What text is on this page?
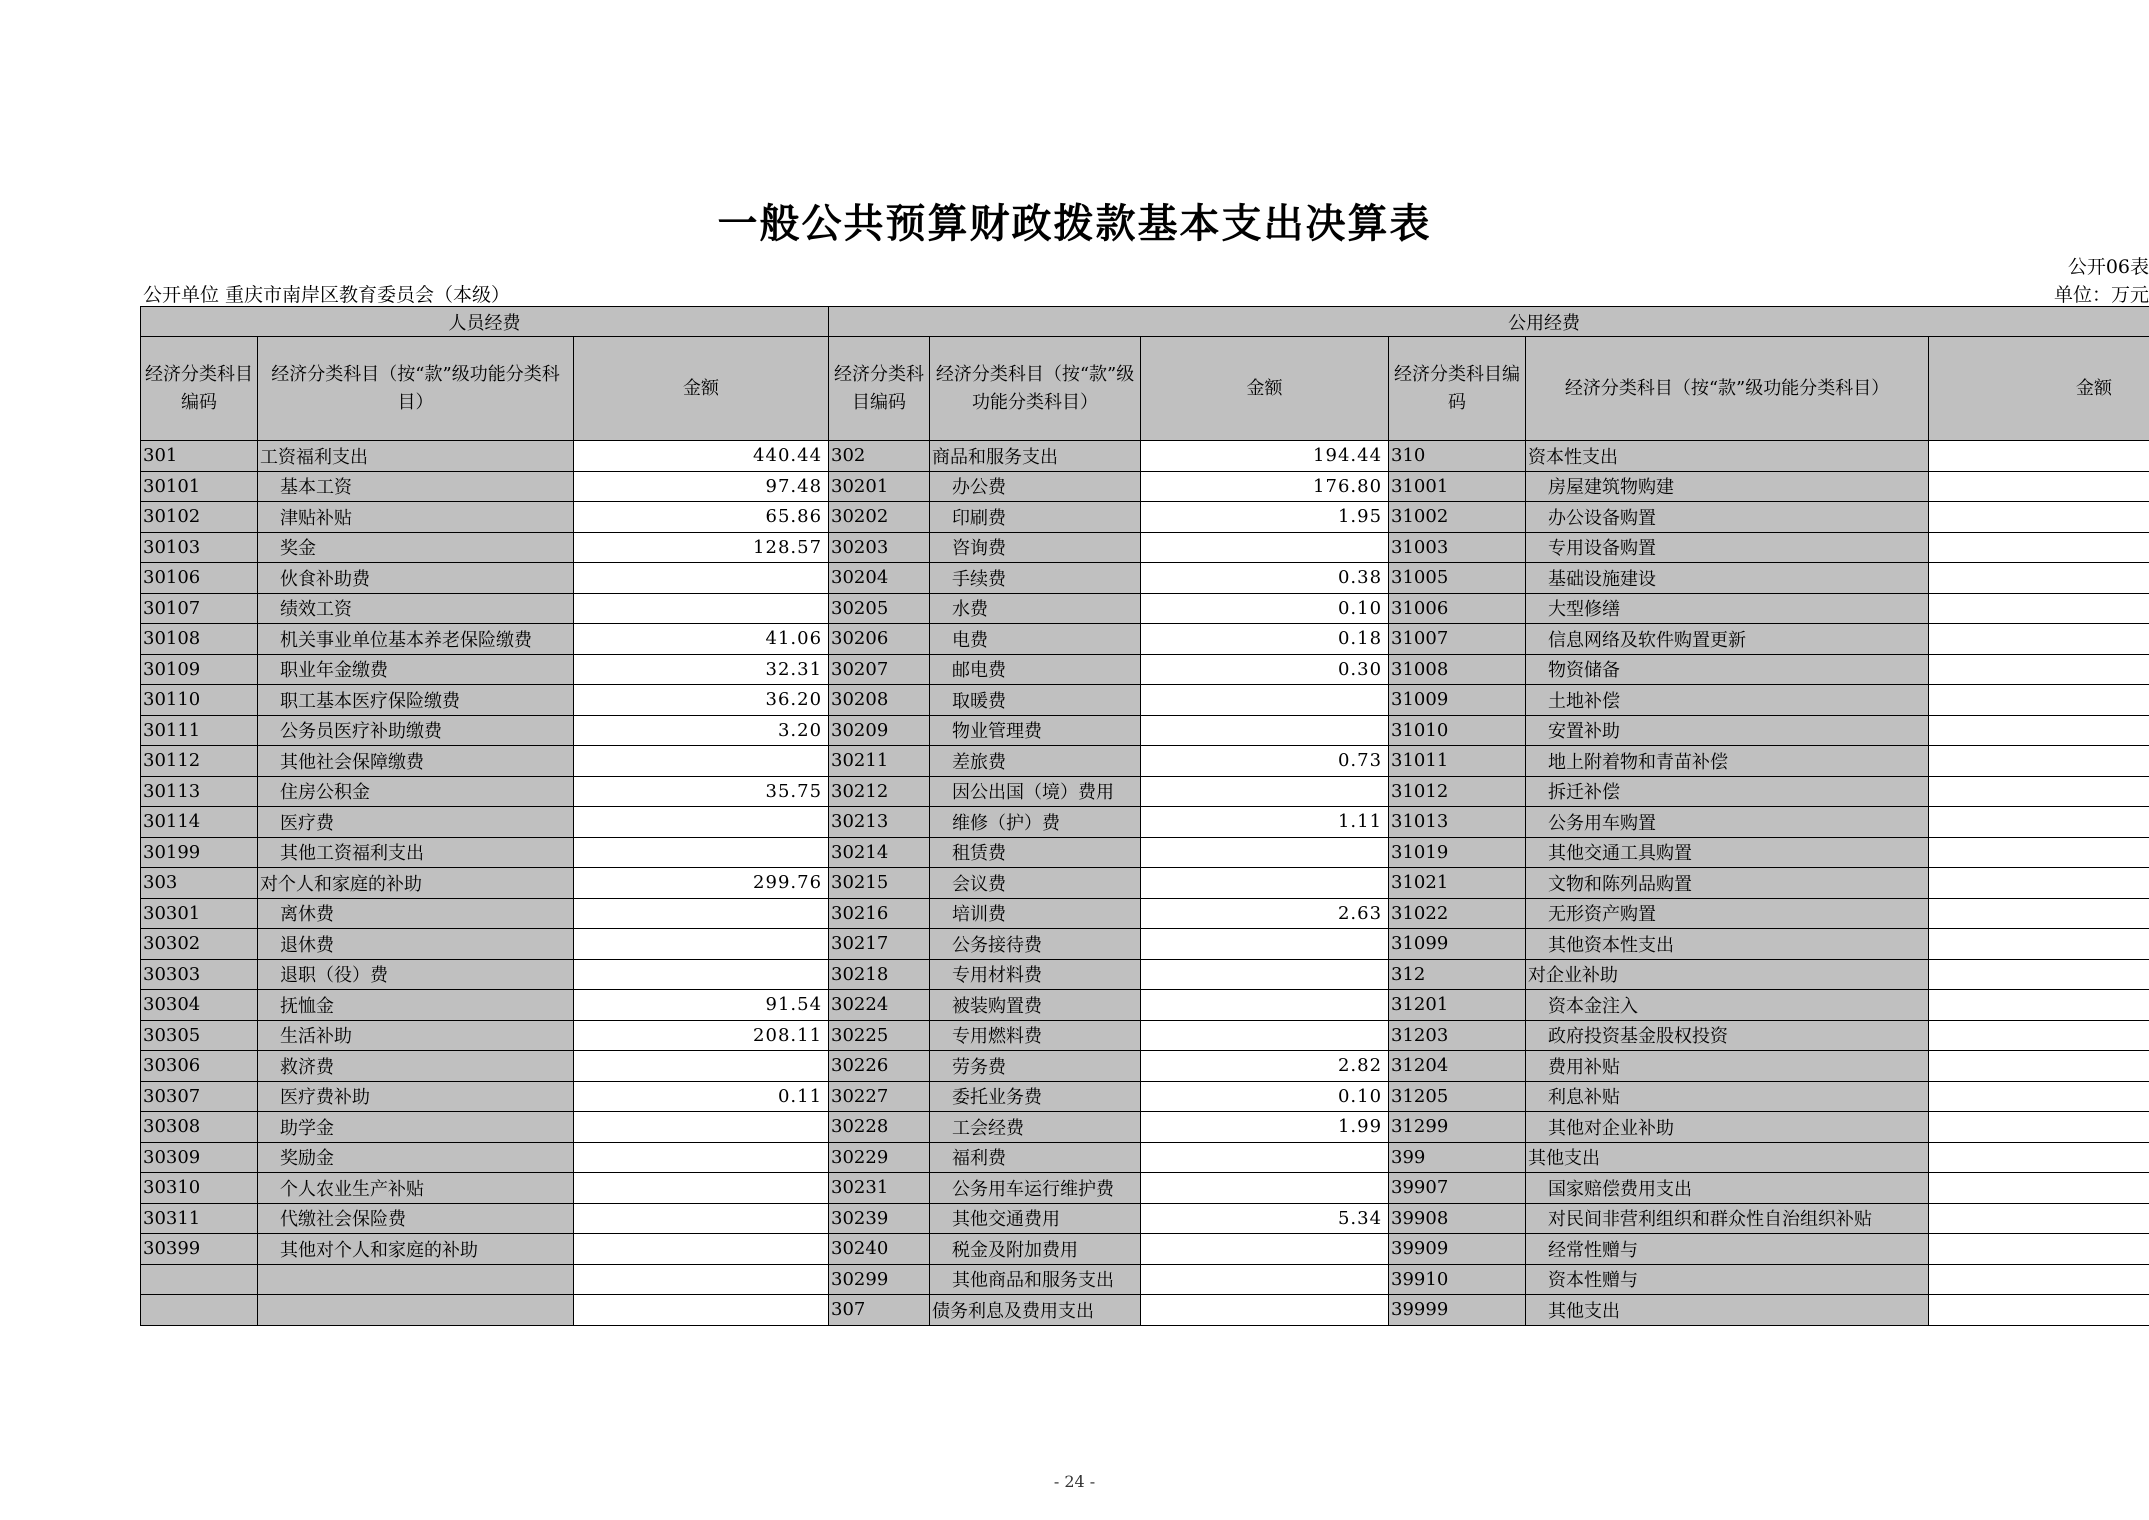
一般公共预算财政拨款基本支出决算表
公开06表
公开单位 重庆市南岸区教育委员会（本级）	单位：万元
人员经费			公用经费					
经济分类科目编码	经济分类科目（按“款”级功能分类科目）	金额	经济分类科目编码	经济分类科目（按“款”级功能分类科目）	金额	经济分类科目编码	经济分类科目（按“款”级功能分类科目）	金额
301	工资福利支出	440.44	302	商品和服务支出	194.44	310	资本性支出	
30101	基本工资	97.48	30201	办公费	176.80	31001	房屋建筑物购建	
30102	津贴补贴	65.86	30202	印刷费	1.95	31002	办公设备购置	
30103	奖金	128.57	30203	咨询费		31003	专用设备购置	
30106	伙食补助费		30204	手续费	0.38	31005	基础设施建设	
30107	绩效工资		30205	水费	0.10	31006	大型修缮	
30108	机关事业单位基本养老保险缴费	41.06	30206	电费	0.18	31007	信息网络及软件购置更新	
30109	职业年金缴费	32.31	30207	邮电费	0.30	31008	物资储备	
30110	职工基本医疗保险缴费	36.20	30208	取暖费		31009	土地补偿	
30111	公务员医疗补助缴费	3.20	30209	物业管理费		31010	安置补助	
30112	其他社会保障缴费		30211	差旅费	0.73	31011	地上附着物和青苗补偿	
30113	住房公积金	35.75	30212	因公出国（境）费用		31012	拆迁补偿	
30114	医疗费		30213	维修（护）费	1.11	31013	公务用车购置	
30199	其他工资福利支出		30214	租赁费		31019	其他交通工具购置	
303	对个人和家庭的补助	299.76	30215	会议费		31021	文物和陈列品购置	
30301	离休费		30216	培训费	2.63	31022	无形资产购置	
30302	退休费		30217	公务接待费		31099	其他资本性支出	
30303	退职（役）费		30218	专用材料费		312	对企业补助	
30304	抚恤金	91.54	30224	被装购置费		31201	资本金注入	
30305	生活补助	208.11	30225	专用燃料费		31203	政府投资基金股权投资	
30306	救济费		30226	劳务费	2.82	31204	费用补贴	
30307	医疗费补助	0.11	30227	委托业务费	0.10	31205	利息补贴	
30308	助学金		30228	工会经费	1.99	31299	其他对企业补助	
30309	奖励金		30229	福利费		399	其他支出	
30310	个人农业生产补贴		30231	公务用车运行维护费		39907	国家赔偿费用支出	
30311	代缴社会保险费		30239	其他交通费用	5.34	39908	对民间非营利组织和群众性自治组织补贴	
30399	其他对个人和家庭的补助		30240	税金及附加费用		39909	经常性赠与	
			30299	其他商品和服务支出		39910	资本性赠与	
			307	债务利息及费用支出		39999	其他支出	
- 24 -
